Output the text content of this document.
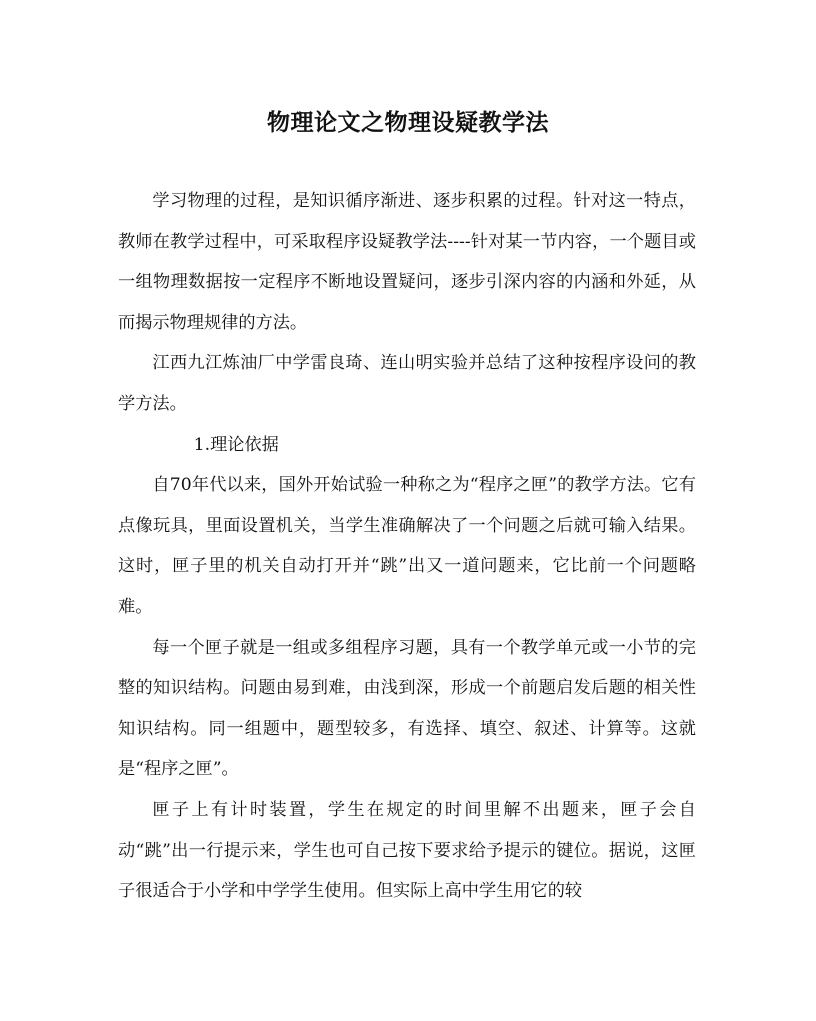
物理论文之物理设疑教学法

学习物理的过程，是知识循序渐进、逐步积累的过程。针对这一特点，教师在教学过程中，可采取程序设疑教学法----针对某一节内容，一个题目或一组物理数据按一定程序不断地设置疑问，逐步引深内容的内涵和外延，从而揭示物理规律的方法。

江西九江炼油厂中学雷良琦、连山明实验并总结了这种按程序设问的教学方法。

1.理论依据

自70年代以来，国外开始试验一种称之为“程序之匣”的教学方法。它有点像玩具，里面设置机关，当学生准确解决了一个问题之后就可输入结果。这时，匣子里的机关自动打开并“跳”出又一道问题来，它比前一个问题略难。

每一个匣子就是一组或多组程序习题，具有一个教学单元或一小节的完整的知识结构。问题由易到难，由浅到深，形成一个前题启发后题的相关性知识结构。同一组题中，题型较多，有选择、填空、叙述、计算等。这就是“程序之匣”。

匣子上有计时装置，学生在规定的时间里解不出题来，匣子会自动“跳”出一行提示来，学生也可自己按下要求给予提示的键位。据说，这匣子很适合于小学和中学学生使用。但实际上高中学生用它的较
